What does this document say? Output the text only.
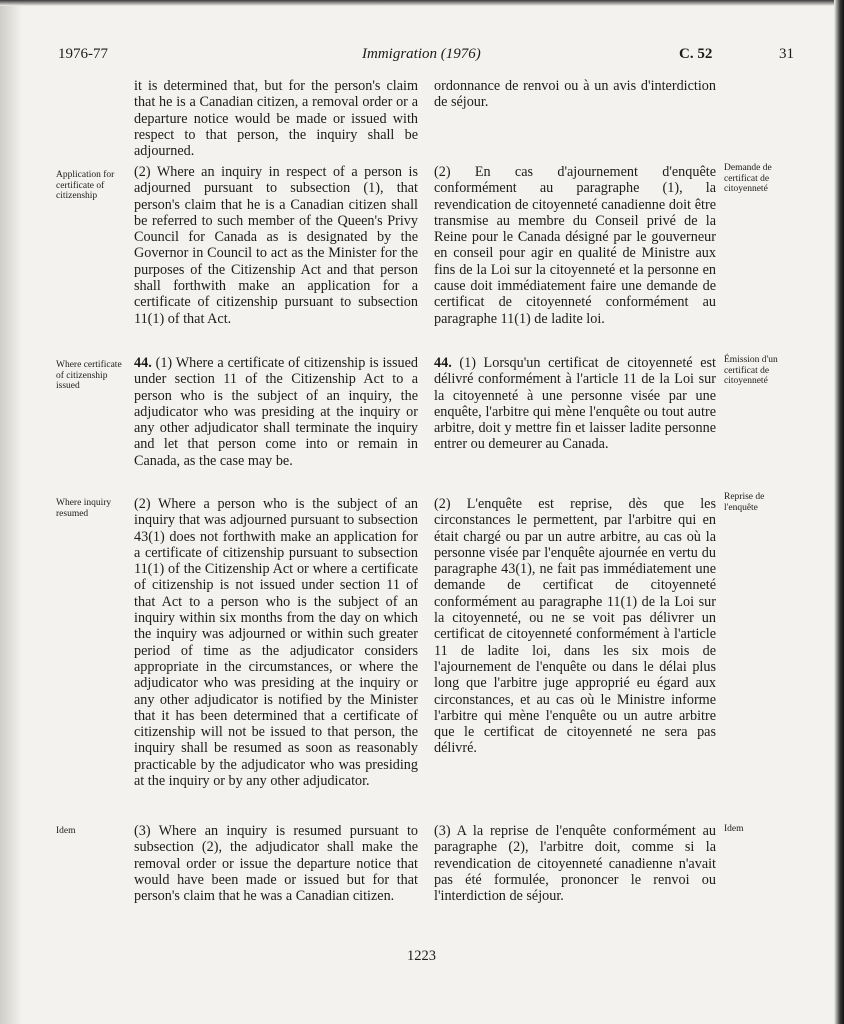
1976-77	Immigration (1976)	C. 52	31
it is determined that, but for the person's claim that he is a Canadian citizen, a removal order or a departure notice would be made or issued with respect to that person, the inquiry shall be adjourned.
(2) Where an inquiry in respect of a person is adjourned pursuant to subsection (1), that person's claim that he is a Canadian citizen shall be referred to such member of the Queen's Privy Council for Canada as is designated by the Governor in Council to act as the Minister for the purposes of the Citizenship Act and that person shall forthwith make an application for a certificate of citizenship pursuant to subsection 11(1) of that Act.
44. (1) Where a certificate of citizenship is issued under section 11 of the Citizenship Act to a person who is the subject of an inquiry, the adjudicator who was presiding at the inquiry or any other adjudicator shall terminate the inquiry and let that person come into or remain in Canada, as the case may be.
(2) Where a person who is the subject of an inquiry that was adjourned pursuant to subsection 43(1) does not forthwith make an application for a certificate of citizenship pursuant to subsection 11(1) of the Citizenship Act or where a certificate of citizenship is not issued under section 11 of that Act to a person who is the subject of an inquiry within six months from the day on which the inquiry was adjourned or within such greater period of time as the adjudicator considers appropriate in the circumstances, or where the adjudicator who was presiding at the inquiry or any other adjudicator is notified by the Minister that it has been determined that a certificate of citizenship will not be issued to that person, the inquiry shall be resumed as soon as reasonably practicable by the adjudicator who was presiding at the inquiry or by any other adjudicator.
(3) Where an inquiry is resumed pursuant to subsection (2), the adjudicator shall make the removal order or issue the departure notice that would have been made or issued but for that person's claim that he was a Canadian citizen.
ordonnance de renvoi ou à un avis d'interdiction de séjour.
(2) En cas d'ajournement d'enquête conformément au paragraphe (1), la revendication de citoyenneté canadienne doit être transmise au membre du Conseil privé de la Reine pour le Canada désigné par le gouverneur en conseil pour agir en qualité de Ministre aux fins de la Loi sur la citoyenneté et la personne en cause doit immédiatement faire une demande de certificat de citoyenneté conformément au paragraphe 11(1) de ladite loi.
44. (1) Lorsqu'un certificat de citoyenneté est délivré conformément à l'article 11 de la Loi sur la citoyenneté à une personne visée par une enquête, l'arbitre qui mène l'enquête ou tout autre arbitre, doit y mettre fin et laisser ladite personne entrer ou demeurer au Canada.
(2) L'enquête est reprise, dès que les circonstances le permettent, par l'arbitre qui en était chargé ou par un autre arbitre, au cas où la personne visée par l'enquête ajournée en vertu du paragraphe 43(1), ne fait pas immédiatement une demande de certificat de citoyenneté conformément au paragraphe 11(1) de la Loi sur la citoyenneté, ou ne se voit pas délivrer un certificat de citoyenneté conformément à l'article 11 de ladite loi, dans les six mois de l'ajournement de l'enquête ou dans le délai plus long que l'arbitre juge approprié eu égard aux circonstances, et au cas où le Ministre informe l'arbitre qui mène l'enquête ou un autre arbitre que le certificat de citoyenneté ne sera pas délivré.
(3) A la reprise de l'enquête conformément au paragraphe (2), l'arbitre doit, comme si la revendication de citoyenneté canadienne n'avait pas été formulée, prononcer le renvoi ou l'interdiction de séjour.
Application for certificate of citizenship
Where certificate of citizenship issued
Where inquiry resumed
Idem
Demande de certificat de citoyenneté
Émission d'un certificat de citoyenneté
Reprise de l'enquête
Idem
1223
